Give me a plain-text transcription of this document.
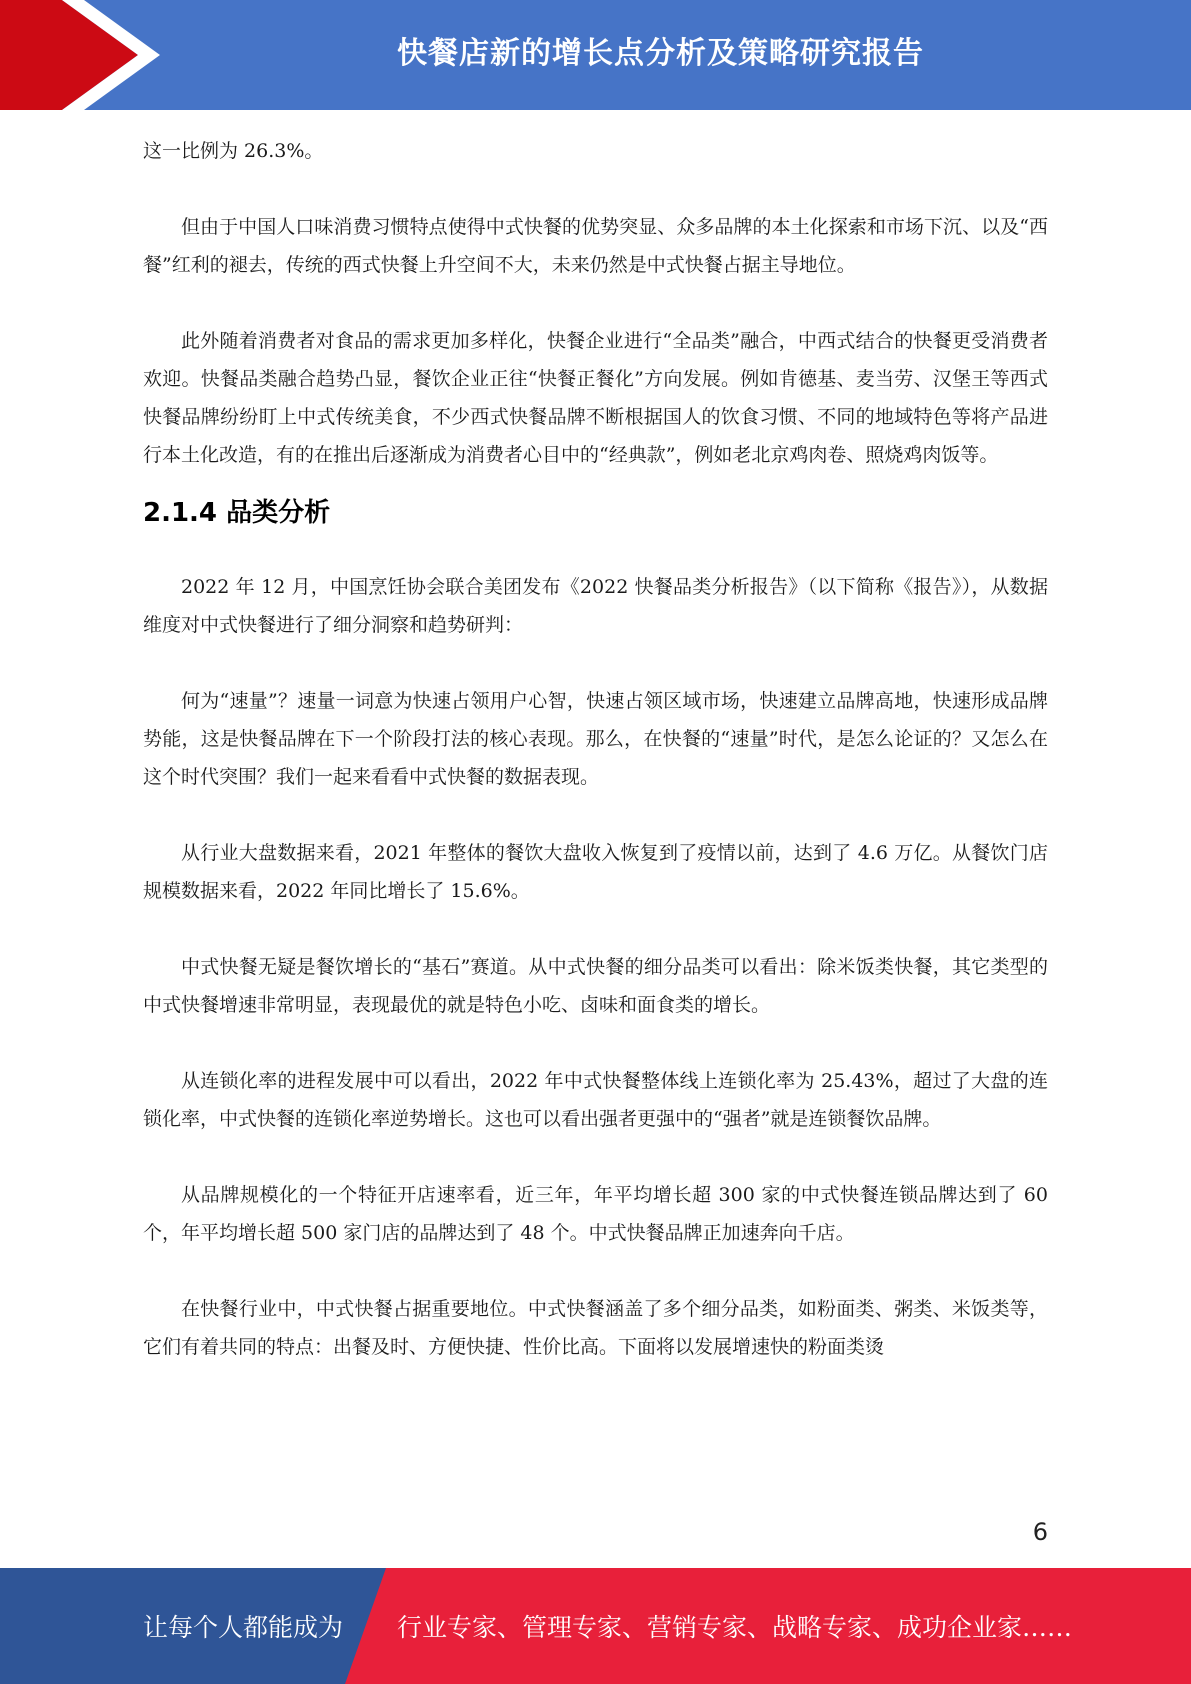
快餐店新的增长点分析及策略研究报告

这一比例为 26.3%。

但由于中国人口味消费习惯特点使得中式快餐的优势突显、众多品牌的本土化探索和市场下沉、以及“西餐”红利的褪去，传统的西式快餐上升空间不大，未来仍然是中式快餐占据主导地位。

此外随着消费者对食品的需求更加多样化，快餐企业进行“全品类”融合，中西式结合的快餐更受消费者欢迎。快餐品类融合趋势凸显，餐饮企业正往“快餐正餐化”方向发展。例如肯德基、麦当劳、汉堡王等西式快餐品牌纷纷盯上中式传统美食，不少西式快餐品牌不断根据国人的饮食习惯、不同的地域特色等将产品进行本土化改造，有的在推出后逐渐成为消费者心目中的“经典款”，例如老北京鸡肉卷、照烧鸡肉饭等。

2.1.4 品类分析

2022 年 12 月，中国烹饪协会联合美团发布《2022 快餐品类分析报告》（以下简称《报告》），从数据维度对中式快餐进行了细分洞察和趋势研判：

何为“速量”？速量一词意为快速占领用户心智，快速占领区域市场，快速建立品牌高地，快速形成品牌势能，这是快餐品牌在下一个阶段打法的核心表现。那么，在快餐的“速量”时代，是怎么论证的？又怎么在这个时代突围？我们一起来看看中式快餐的数据表现。

从行业大盘数据来看，2021 年整体的餐饮大盘收入恢复到了疫情以前，达到了 4.6 万亿。从餐饮门店规模数据来看，2022 年同比增长了 15.6%。

中式快餐无疑是餐饮增长的“基石”赛道。从中式快餐的细分品类可以看出：除米饭类快餐，其它类型的中式快餐增速非常明显，表现最优的就是特色小吃、卤味和面食类的增长。

从连锁化率的进程发展中可以看出，2022 年中式快餐整体线上连锁化率为 25.43%，超过了大盘的连锁化率，中式快餐的连锁化率逆势增长。这也可以看出强者更强中的“强者”就是连锁餐饮品牌。

从品牌规模化的一个特征开店速率看，近三年，年平均增长超 300 家的中式快餐连锁品牌达到了 60 个，年平均增长超 500 家门店的品牌达到了 48 个。中式快餐品牌正加速奔向千店。

在快餐行业中，中式快餐占据重要地位。中式快餐涵盖了多个细分品类，如粉面类、粥类、米饭类等，它们有着共同的特点：出餐及时、方便快捷、性价比高。下面将以发展增速快的粉面类烫

6
让每个人都能成为 行业专家、管理专家、营销专家、战略专家、成功企业家……
